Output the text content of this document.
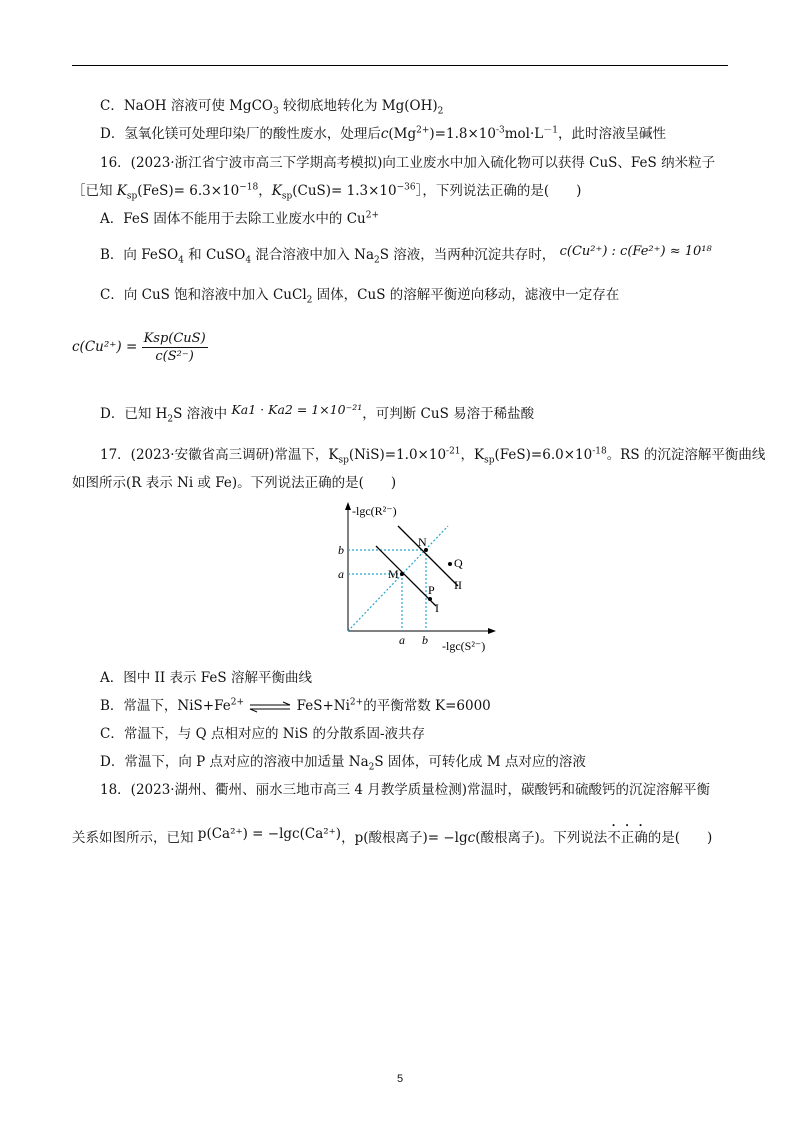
C．NaOH 溶液可使 MgCO$_3$ 较彻底地转化为 $Mg(OH)_2$
D．氢氧化镁可处理印染厂的酸性废水，处理后$c(Mg^{2+})=1.8\times 10^{-3}mol\cdot L^{-1}$，此时溶液呈碱性
16．(2023·浙江省宁波市高三下学期高考模拟)向工业废水中加入硫化物可以获得 CuS、FeS 纳米粒子
［已知 $K_{sp}(FeS)= 6.3\times 10^{-18}$，$K_{sp}(CuS)=$ $1.3\times 10^{-36}]$，下列说法正确的是(　　)
A．FeS 固体不能用于去除工业废水中的 $Cu^{2+}$
B．向 FeSO$_4$ 和 CuSO$_4$ 混合溶液中加入 $Na_2S$ 溶液，当两种沉淀共存时， c(Cu²⁺) : c(Fe²⁺) ≈ 10¹⁸
C．向 CuS 饱和溶液中加入 CuCl$_2$ 固体，CuS 的溶解平衡逆向移动，滤液中一定存在
$c(Cu^{2+}) = \frac{\text{Ksp(CuS)}}{\text{c(S²⁻)}}$
D．已知 $H_2S$ 溶液中 Ka1 · Ka2 = 1×10⁻²¹，可判断 CuS 易溶于稀盐酸
17．(2023·安徽省高三调研)常温下，$K_{sp}(NiS)=1.0\times 10^{-21}$，$K_{sp}(FeS)=6.0\times 10^{-18}$。RS 的沉淀溶解平衡曲线
如图所示(R 表示 Ni 或 Fe)。下列说法正确的是(　　)
-lgc(R²⁻)
-lgc(S²⁻)
b
a
a b
N
M
Q
P
I
II
A．图中 II 表示 FeS 溶解平衡曲线
B．常温下，$NiS+Fe^{2+}$ ⇌ $FeS+Ni^{2+}$的平衡常数 K=6000
C．常温下，与 Q 点相对应的 NiS 的分散系固-液共存
D．常温下，向 P 点对应的溶液中加适量 $Na_2S$ 固体，可转化成 M 点对应的溶液
18．(2023·湖州、衢州、丽水三地市高三 4 月教学质量检测)常温时，碳酸钙和硫酸钙的沉淀溶解平衡
关系如图所示，已知 p(Ca²⁺) = −lgc(Ca²⁺)，p(酸根离子)= −lgc(酸根离子)。下列说法不正确的是(　　)
5
